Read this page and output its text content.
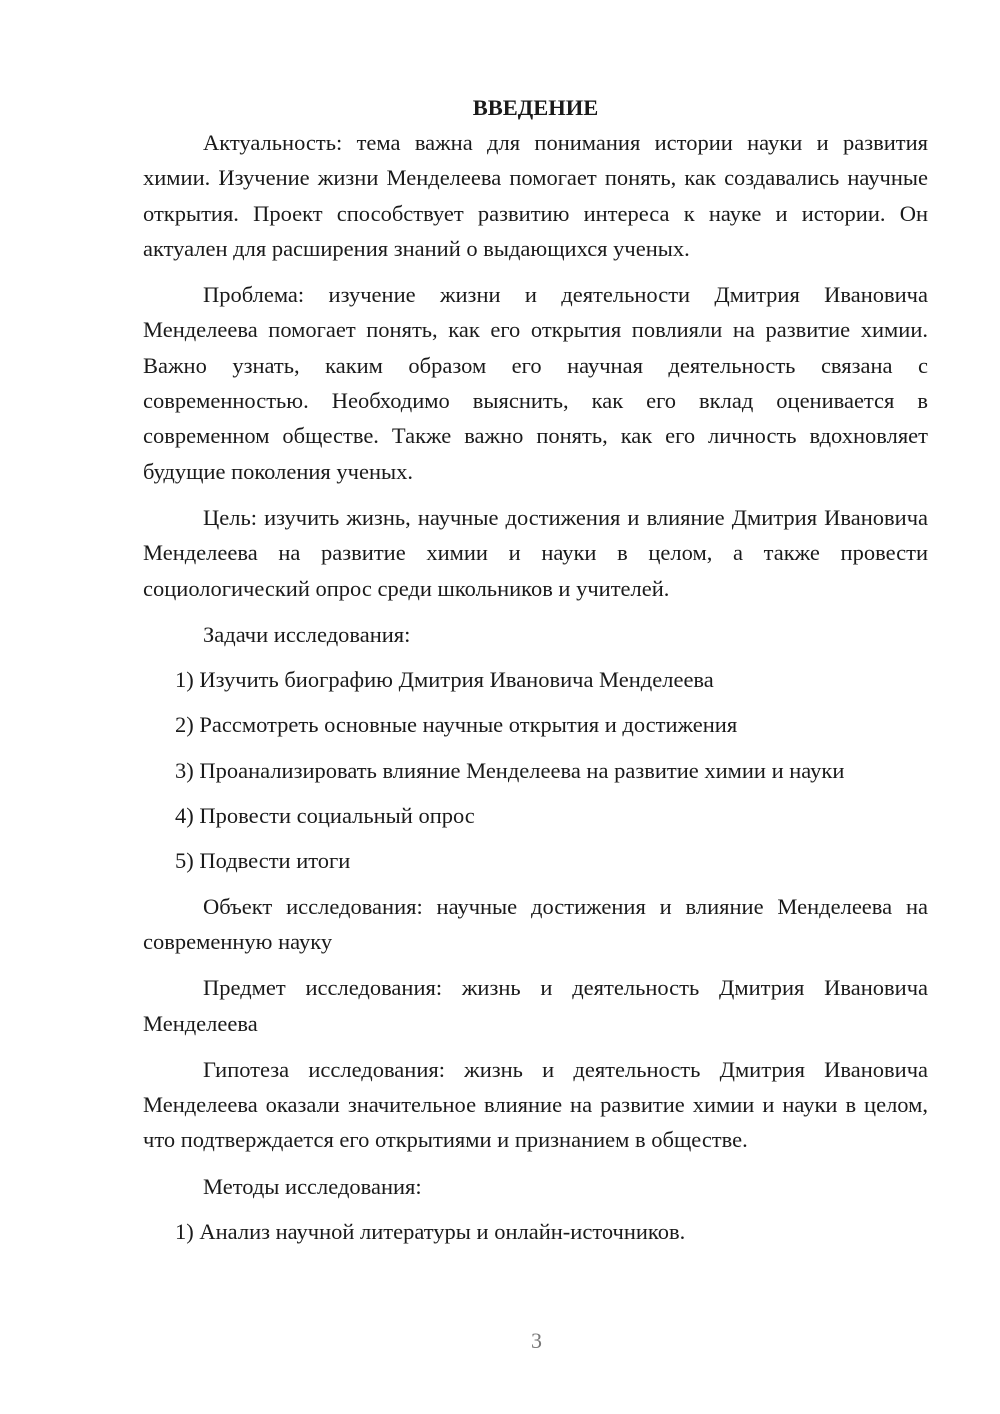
ВВЕДЕНИЕ

Актуальность: тема важна для понимания истории науки и развития химии. Изучение жизни Менделеева помогает понять, как создавались научные открытия. Проект способствует развитию интереса к науке и истории. Он актуален для расширения знаний о выдающихся ученых.

Проблема: изучение жизни и деятельности Дмитрия Ивановича Менделеева помогает понять, как его открытия повлияли на развитие химии. Важно узнать, каким образом его научная деятельность связана с современностью. Необходимо выяснить, как его вклад оценивается в современном обществе. Также важно понять, как его личность вдохновляет будущие поколения ученых.

Цель: изучить жизнь, научные достижения и влияние Дмитрия Ивановича Менделеева на развитие химии и науки в целом, а также провести социологический опрос среди школьников и учителей.

Задачи исследования:
1) Изучить биографию Дмитрия Ивановича Менделеева
2) Рассмотреть основные научные открытия и достижения
3) Проанализировать влияние Менделеева на развитие химии и науки
4) Провести социальный опрос
5) Подвести итоги

Объект исследования: научные достижения и влияние Менделеева на современную науку

Предмет исследования: жизнь и деятельность Дмитрия Ивановича Менделеева

Гипотеза исследования: жизнь и деятельность Дмитрия Ивановича Менделеева оказали значительное влияние на развитие химии и науки в целом, что подтверждается его открытиями и признанием в обществе.

Методы исследования:
1) Анализ научной литературы и онлайн-источников.
3
